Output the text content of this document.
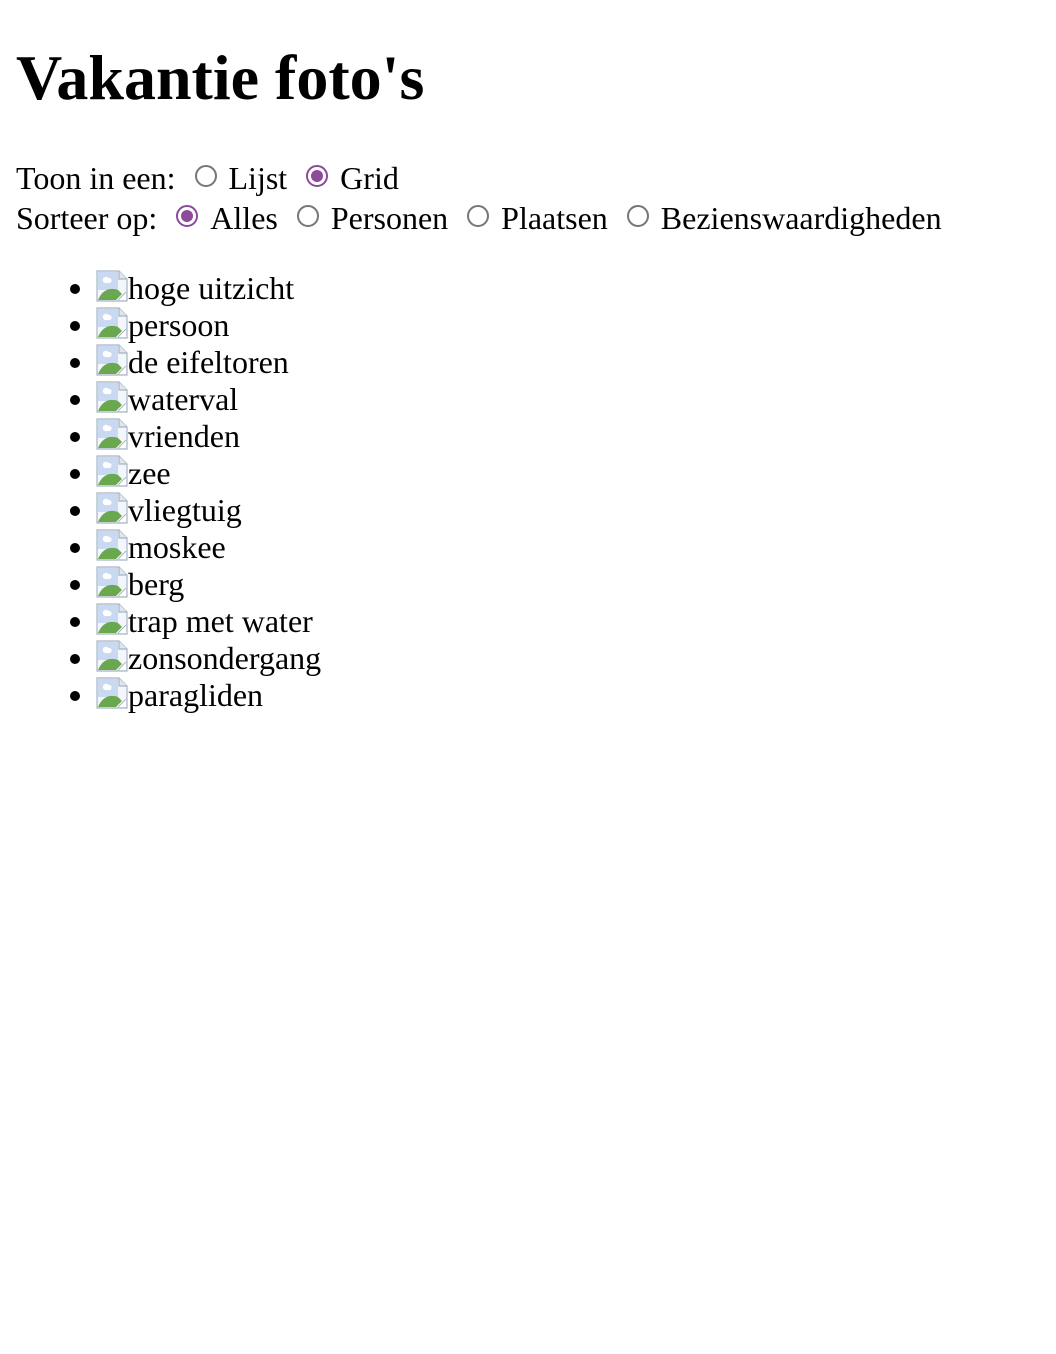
Vakantie foto's
Toon in een: Lijst Grid
Sorteer op: Alles Personen Plaatsen Bezienswaardigheden
hoge uitzicht
persoon
de eifeltoren
waterval
vrienden
zee
vliegtuig
moskee
berg
trap met water
zonsondergang
paragliden
